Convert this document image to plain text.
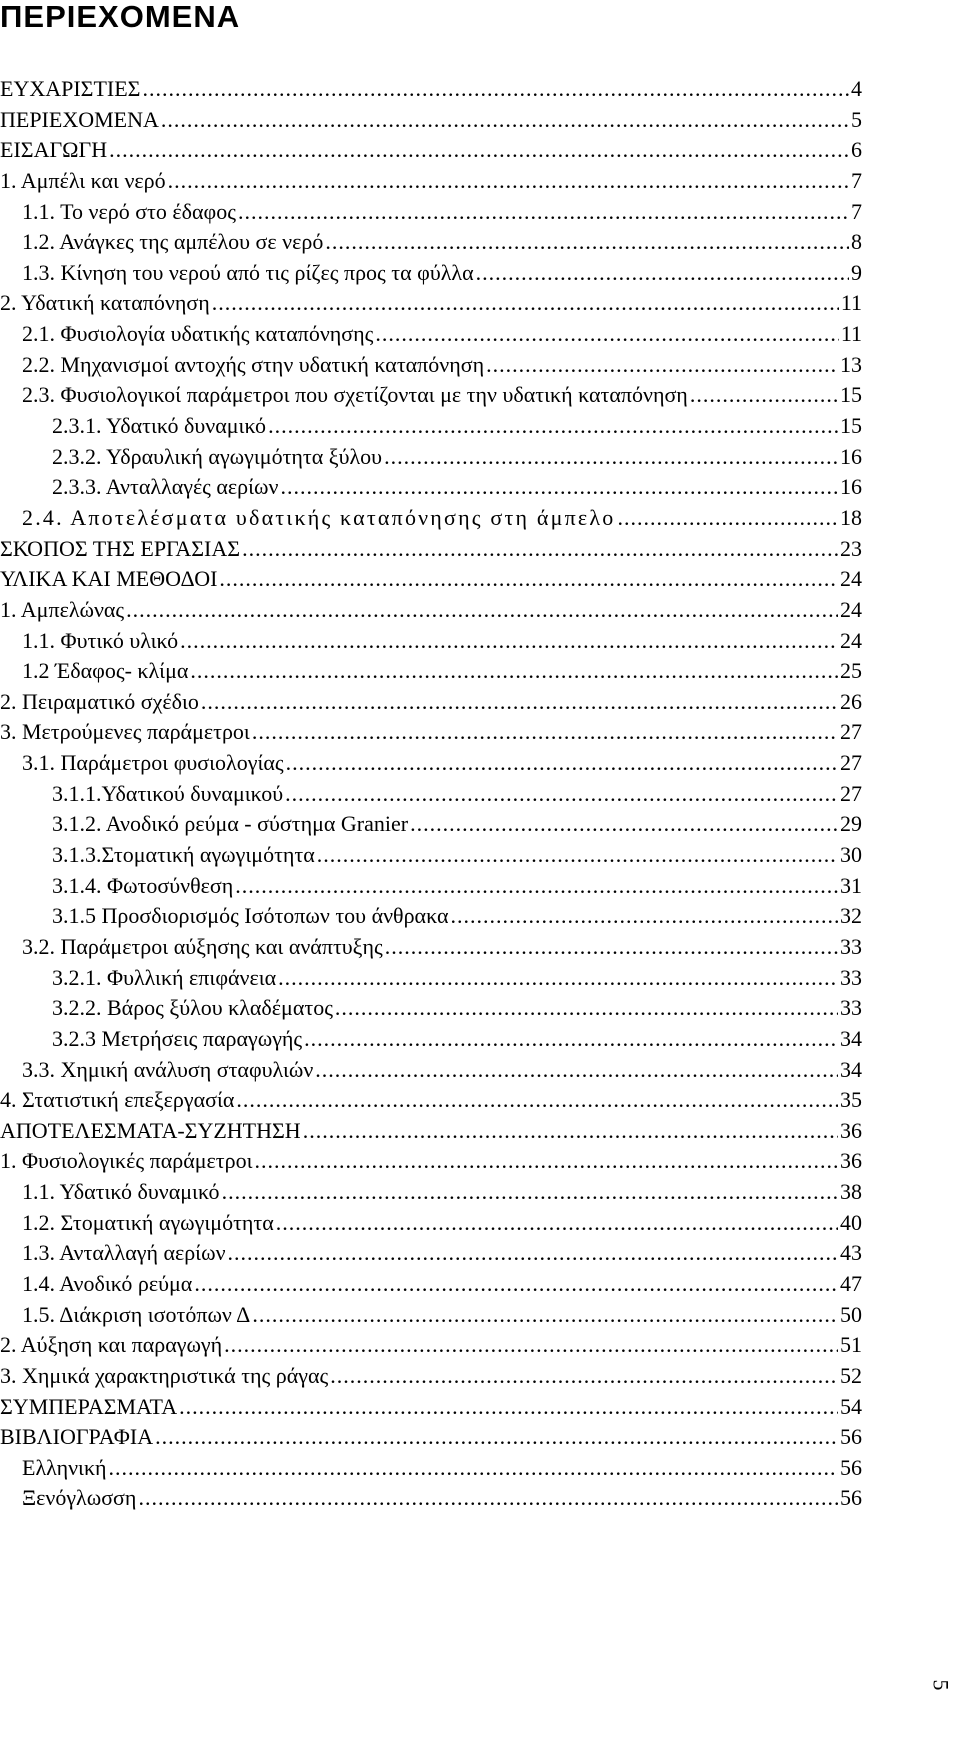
ΠΕΡΙΕΧΟΜΕΝΑ
ΕΥΧΑΡΙΣΤΙΕΣ .....	4
ΠΕΡΙΕΧΟΜΕΝΑ .....	5
ΕΙΣΑΓΩΓΗ .....	6
1. Αμπέλι και νερό .....	7
1.1. Το νερό στο έδαφος .....	7
1.2. Ανάγκες της αμπέλου σε νερό .....	8
1.3. Κίνηση του νερού από τις ρίζες προς τα φύλλα .....	9
2. Υδατική καταπόνηση .....	11
2.1. Φυσιολογία υδατικής καταπόνησης .....	11
2.2. Μηχανισμοί αντοχής στην υδατική καταπόνηση .....	13
2.3. Φυσιολογικοί παράμετροι που σχετίζονται με την υδατική καταπόνηση .....	15
2.3.1. Υδατικό δυναμικό .....	15
2.3.2. Υδραυλική αγωγιμότητα ξύλου .....	16
2.3.3. Ανταλλαγές αερίων .....	16
2.4. Αποτελέσματα υδατικής καταπόνησης στη άμπελο .....	18
ΣΚΟΠΟΣ ΤΗΣ ΕΡΓΑΣΙΑΣ .....	23
ΥΛΙΚΑ ΚΑΙ ΜΕΘΟΔΟΙ .....	24
1. Αμπελώνας .....	24
1.1. Φυτικό υλικό .....	24
1.2 Έδαφος- κλίμα .....	25
2. Πειραματικό σχέδιο .....	26
3. Μετρούμενες παράμετροι .....	27
3.1. Παράμετροι φυσιολογίας .....	27
3.1.1.Υδατικού δυναμικού .....	27
3.1.2. Ανοδικό ρεύμα - σύστημα Granier .....	29
3.1.3.Στοματική αγωγιμότητα .....	30
3.1.4. Φωτοσύνθεση .....	31
3.1.5 Προσδιορισμός Ισότοπων του άνθρακα .....	32
3.2. Παράμετροι αύξησης και ανάπτυξης .....	33
3.2.1. Φυλλική επιφάνεια .....	33
3.2.2. Βάρος ξύλου κλαδέματος .....	33
3.2.3 Μετρήσεις παραγωγής .....	34
3.3. Χημική ανάλυση σταφυλιών .....	34
4. Στατιστική επεξεργασία .....	35
ΑΠΟΤΕΛΕΣΜΑΤΑ-ΣΥΖΗΤΗΣΗ .....	36
1. Φυσιολογικές παράμετροι .....	36
1.1. Υδατικό δυναμικό .....	38
1.2. Στοματική αγωγιμότητα .....	40
1.3. Ανταλλαγή αερίων .....	43
1.4. Ανοδικό ρεύμα .....	47
1.5. Διάκριση ισοτόπων Δ .....	50
2. Αύξηση και παραγωγή .....	51
3. Χημικά χαρακτηριστικά της ράγας .....	52
ΣΥΜΠΕΡΑΣΜΑΤΑ .....	54
ΒΙΒΛΙΟΓΡΑΦΙΑ .....	56
Ελληνική .....	56
Ξενόγλωσση .....	56
5
